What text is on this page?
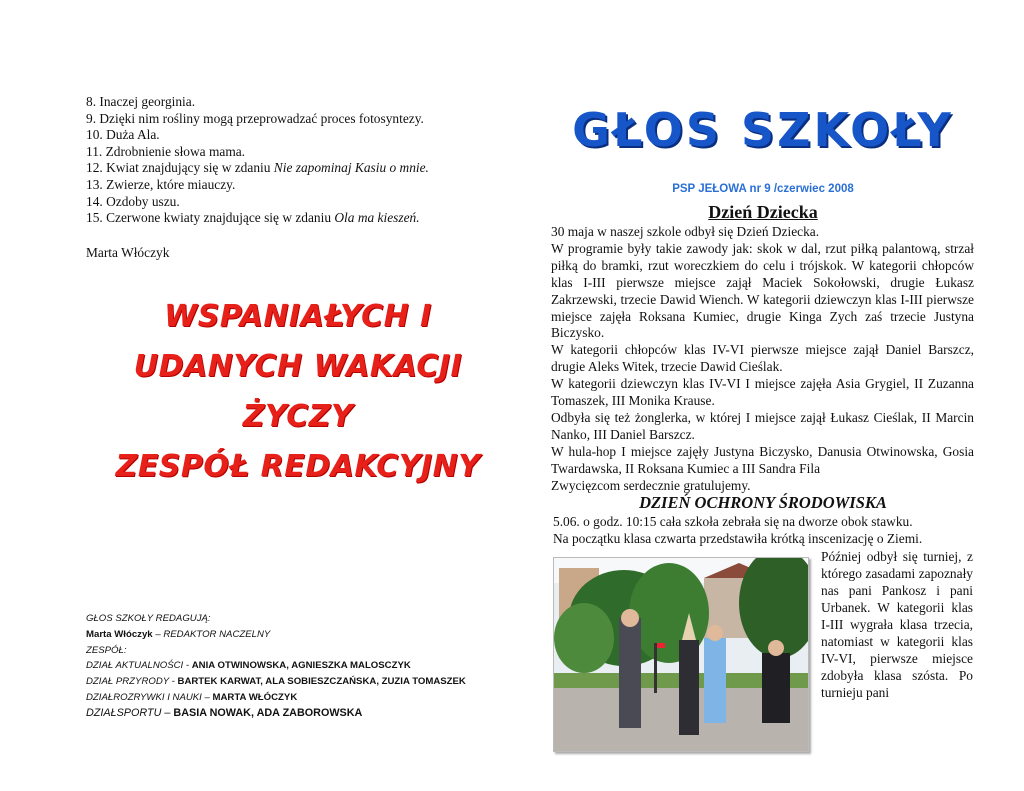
8. Inaczej georginia.
9. Dzięki nim rośliny mogą przeprowadzać proces fotosyntezy.
10. Duża Ala.
11. Zdrobnienie słowa mama.
12. Kwiat znajdujący się w zdaniu Nie zapominaj Kasiu o mnie.
13. Zwierze, które miauczy.
14. Ozdoby uszu.
15. Czerwone kwiaty znajdujące się w zdaniu Ola ma kieszeń.
Marta Włóczyk
WSPANIAŁYCH I
UDANYCH WAKACJI
ŻYCZY
ZESPÓŁ REDAKCYJNY
GŁOS SZKOŁY REDAGUJĄ:
Marta Włóczyk – REDAKTOR NACZELNY
ZESPÓŁ:
DZIAŁ AKTUALNOŚCI - ANIA OTWINOWSKA, AGNIESZKA MALOSCZYK
DZIAŁ PRZYRODY - BARTEK KARWAT, ALA SOBIESZCZAŃSKA, ZUZIA TOMASZEK
DZIAŁROZRYWKI I NAUKI – MARTA WŁÓCZYK
DZIAŁSPORTU – BASIA NOWAK, ADA ZABOROWSKA
GŁOS SZKOŁY
PSP JEŁOWA nr 9 /czerwiec 2008
Dzień Dziecka

30 maja w naszej szkole odbył się Dzień Dziecka.

W programie były takie zawody jak: skok w dal, rzut piłką palantową, strzał piłką do bramki, rzut woreczkiem do celu i trójskok. W kategorii chłopców klas I-III pierwsze miejsce zajął Maciek Sokołowski, drugie Łukasz Zakrzewski, trzecie Dawid Wiench. W kategorii dziewczyn klas I-III pierwsze miejsce zajęła Roksana Kumiec, drugie Kinga Zych zaś trzecie Justyna Biczysko.

W kategorii chłopców klas IV-VI pierwsze miejsce zajął Daniel Barszcz, drugie Aleks Witek, trzecie Dawid Cieślak.

W kategorii dziewczyn klas IV-VI I miejsce zajęła Asia Grygiel, II Zuzanna Tomaszek, III Monika Krause.

Odbyła się też żonglerka, w której I miejsce zajął Łukasz Cieślak, II Marcin Nanko, III Daniel Barszcz.

W hula-hop I miejsce zajęły Justyna Biczysko, Danusia Otwinowska, Gosia Twardawska, II Roksana Kumiec a III Sandra Fila

Zwycięzcom serdecznie gratulujemy.

DZIEŃ OCHRONY ŚRODOWISKA
5.06. o godz. 10:15 cała szkoła zebrała się na dworze obok stawku.
Na początku klasa czwarta przedstawiła krótką inscenizację o Ziemi.
Później odbył się turniej, z którego zasadami zapoznały nas pani Pankosz i pani Urbanek. W kategorii klas I-III wygrała klasa trzecia, natomiast w kategorii klas IV-VI, pierwsze miejsce zdobyła klasa szósta. Po turnieju pani
